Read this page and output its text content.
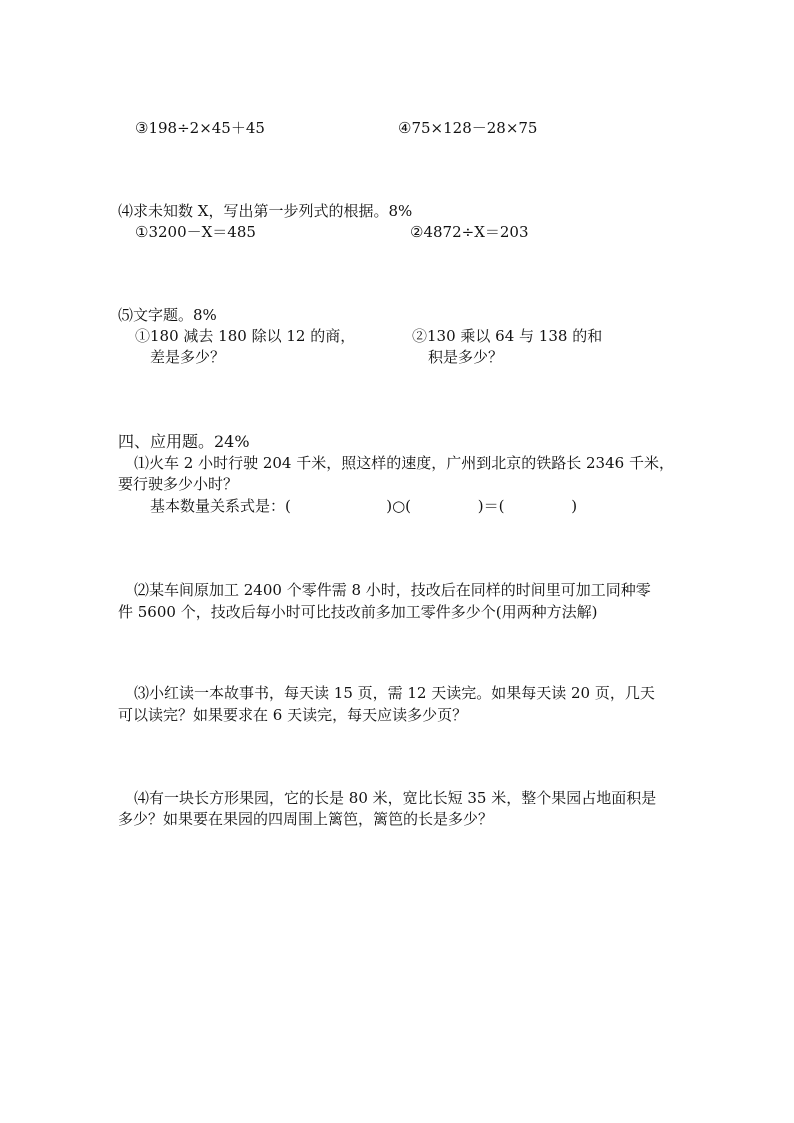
③198÷2×45＋45	④75×128－28×75
⑷求未知数 X，写出第一步列式的根据。8%
①3200－X＝485	②4872÷X＝203
⑸文字题。8%
①180 减去 180 除以 12 的商，
差是多少？
②130 乘以 64 与 138 的和
积是多少？
四、应用题。24%
⑴火车 2 小时行驶 204 千米，照这样的速度，广州到北京的铁路长 2346 千米，
要行驶多少小时？
基本数量关系式是：(                    )○(              )＝(              )
⑵某车间原加工 2400 个零件需 8 小时，技改后在同样的时间里可加工同种零
件 5600 个，技改后每小时可比技改前多加工零件多少个(用两种方法解)
⑶小红读一本故事书，每天读 15 页，需 12 天读完。如果每天读 20 页，几天
可以读完？如果要求在 6 天读完，每天应读多少页？
⑷有一块长方形果园，它的长是 80 米，宽比长短 35 米，整个果园占地面积是
多少？如果要在果园的四周围上篱笆，篱笆的长是多少？
